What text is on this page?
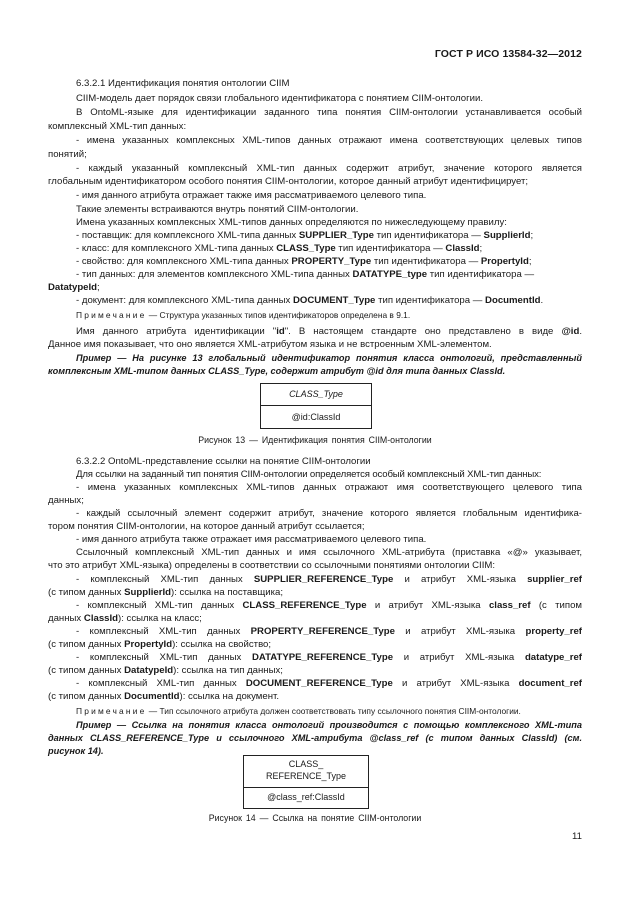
ГОСТ Р ИСО 13584-32—2012
6.3.2.1 Идентификация понятия онтологии CIIM
CIIM-модель дает порядок связи глобального идентификатора с понятием CIIM-онтологии.
В OntoML-языке для идентификации заданного типа понятия CIIM-онтологии устанавливается особый
комплексный XML-тип данных:
- имена указанных комплексных XML-типов данных отражают имена соответствующих целевых типов
понятий;
- каждый указанный комплексный XML-тип данных содержит атрибут, значение которого является
глобальным идентификатором особого понятия CIIM-онтологии, которое данный атрибут идентифицирует;
- имя данного атрибута отражает также имя рассматриваемого целевого типа.
Такие элементы встраиваются внутрь понятий CIIM-онтологии.
Имена указанных комплексных XML-типов данных определяются по нижеследующему правилу:
- поставщик: для комплексного XML-типа данных SUPPLIER_Type тип идентификатора — SupplierId;
- класс: для комплексного XML-типа данных CLASS_Type тип идентификатора — ClassId;
- свойство: для комплексного XML-типа данных PROPERTY_Type тип идентификатора — PropertyId;
- тип данных: для элементов комплексного XML-типа данных DATATYPE_type тип идентификатора —
DatatypeId;
- документ: для комплексного XML-типа данных DOCUMENT_Type тип идентификатора — DocumentId.
Примечание — Структура указанных типов идентификаторов определена в 9.1.
Имя данного атрибута идентификации "id". В настоящем стандарте оно представлено в виде @id.
Данное имя показывает, что оно является XML-атрибутом языка и не встроенным XML-элементом.
Пример — На рисунке 13 глобальный идентификатор понятия класса онтологий, представленный
комплексным XML-типом данных CLASS_Type, содержит атрибут @id для типа данных ClassId.
CLASS_Type
@id:ClassId
Рисунок 13 — Идентификация понятия CIIM-онтологии
6.3.2.2 OntoML-представление ссылки на понятие CIIM-онтологии
Для ссылки на заданный тип понятия CIIM-онтологии определяется особый комплексный XML-тип данных:
- имена указанных комплексных XML-типов данных отражают имя соответствующего целевого типа
данных;
- каждый ссылочный элемент содержит атрибут, значение которого является глобальным идентифика-
тором понятия CIIM-онтологии, на которое данный атрибут ссылается;
- имя данного атрибута также отражает имя рассматриваемого целевого типа.
Ссылочный комплексный XML-тип данных и имя ссылочного XML-атрибута (приставка «@» указывает,
что это атрибут XML-языка) определены в соответствии со ссылочными понятиями онтологии CIIM:
- комплексный XML-тип данных SUPPLIER_REFERENCE_Type и атрибут XML-языка supplier_ref
(с типом данных SupplierId): ссылка на поставщика;
- комплексный XML-тип данных CLASS_REFERENCE_Type и атрибут XML-языка class_ref (с типом
данных ClassId): ссылка на класс;
- комплексный XML-тип данных PROPERTY_REFERENCE_Type и атрибут XML-языка property_ref
(с типом данных PropertyId): ссылка на свойство;
- комплексный XML-тип данных DATATYPE_REFERENCE_Type и атрибут XML-языка datatype_ref
(с типом данных DatatypeId): ссылка на тип данных;
- комплексный XML-тип данных DOCUMENT_REFERENCE_Type и атрибут XML-языка document_ref
(с типом данных DocumentId): ссылка на документ.
Примечание — Тип ссылочного атрибута должен соответствовать типу ссылочного понятия CIIM-онтологии.
Пример — Ссылка на понятия класса онтологий производится с помощью комплексного XML-типа
данных CLASS_REFERENCE_Type и ссылочного XML-атрибута @class_ref (с типом данных ClassId) (см.
рисунок 14).
CLASS_
REFERENCE_Type
@class_ref:ClassId
Рисунок 14 — Ссылка на понятие CIIM-онтологии
11
